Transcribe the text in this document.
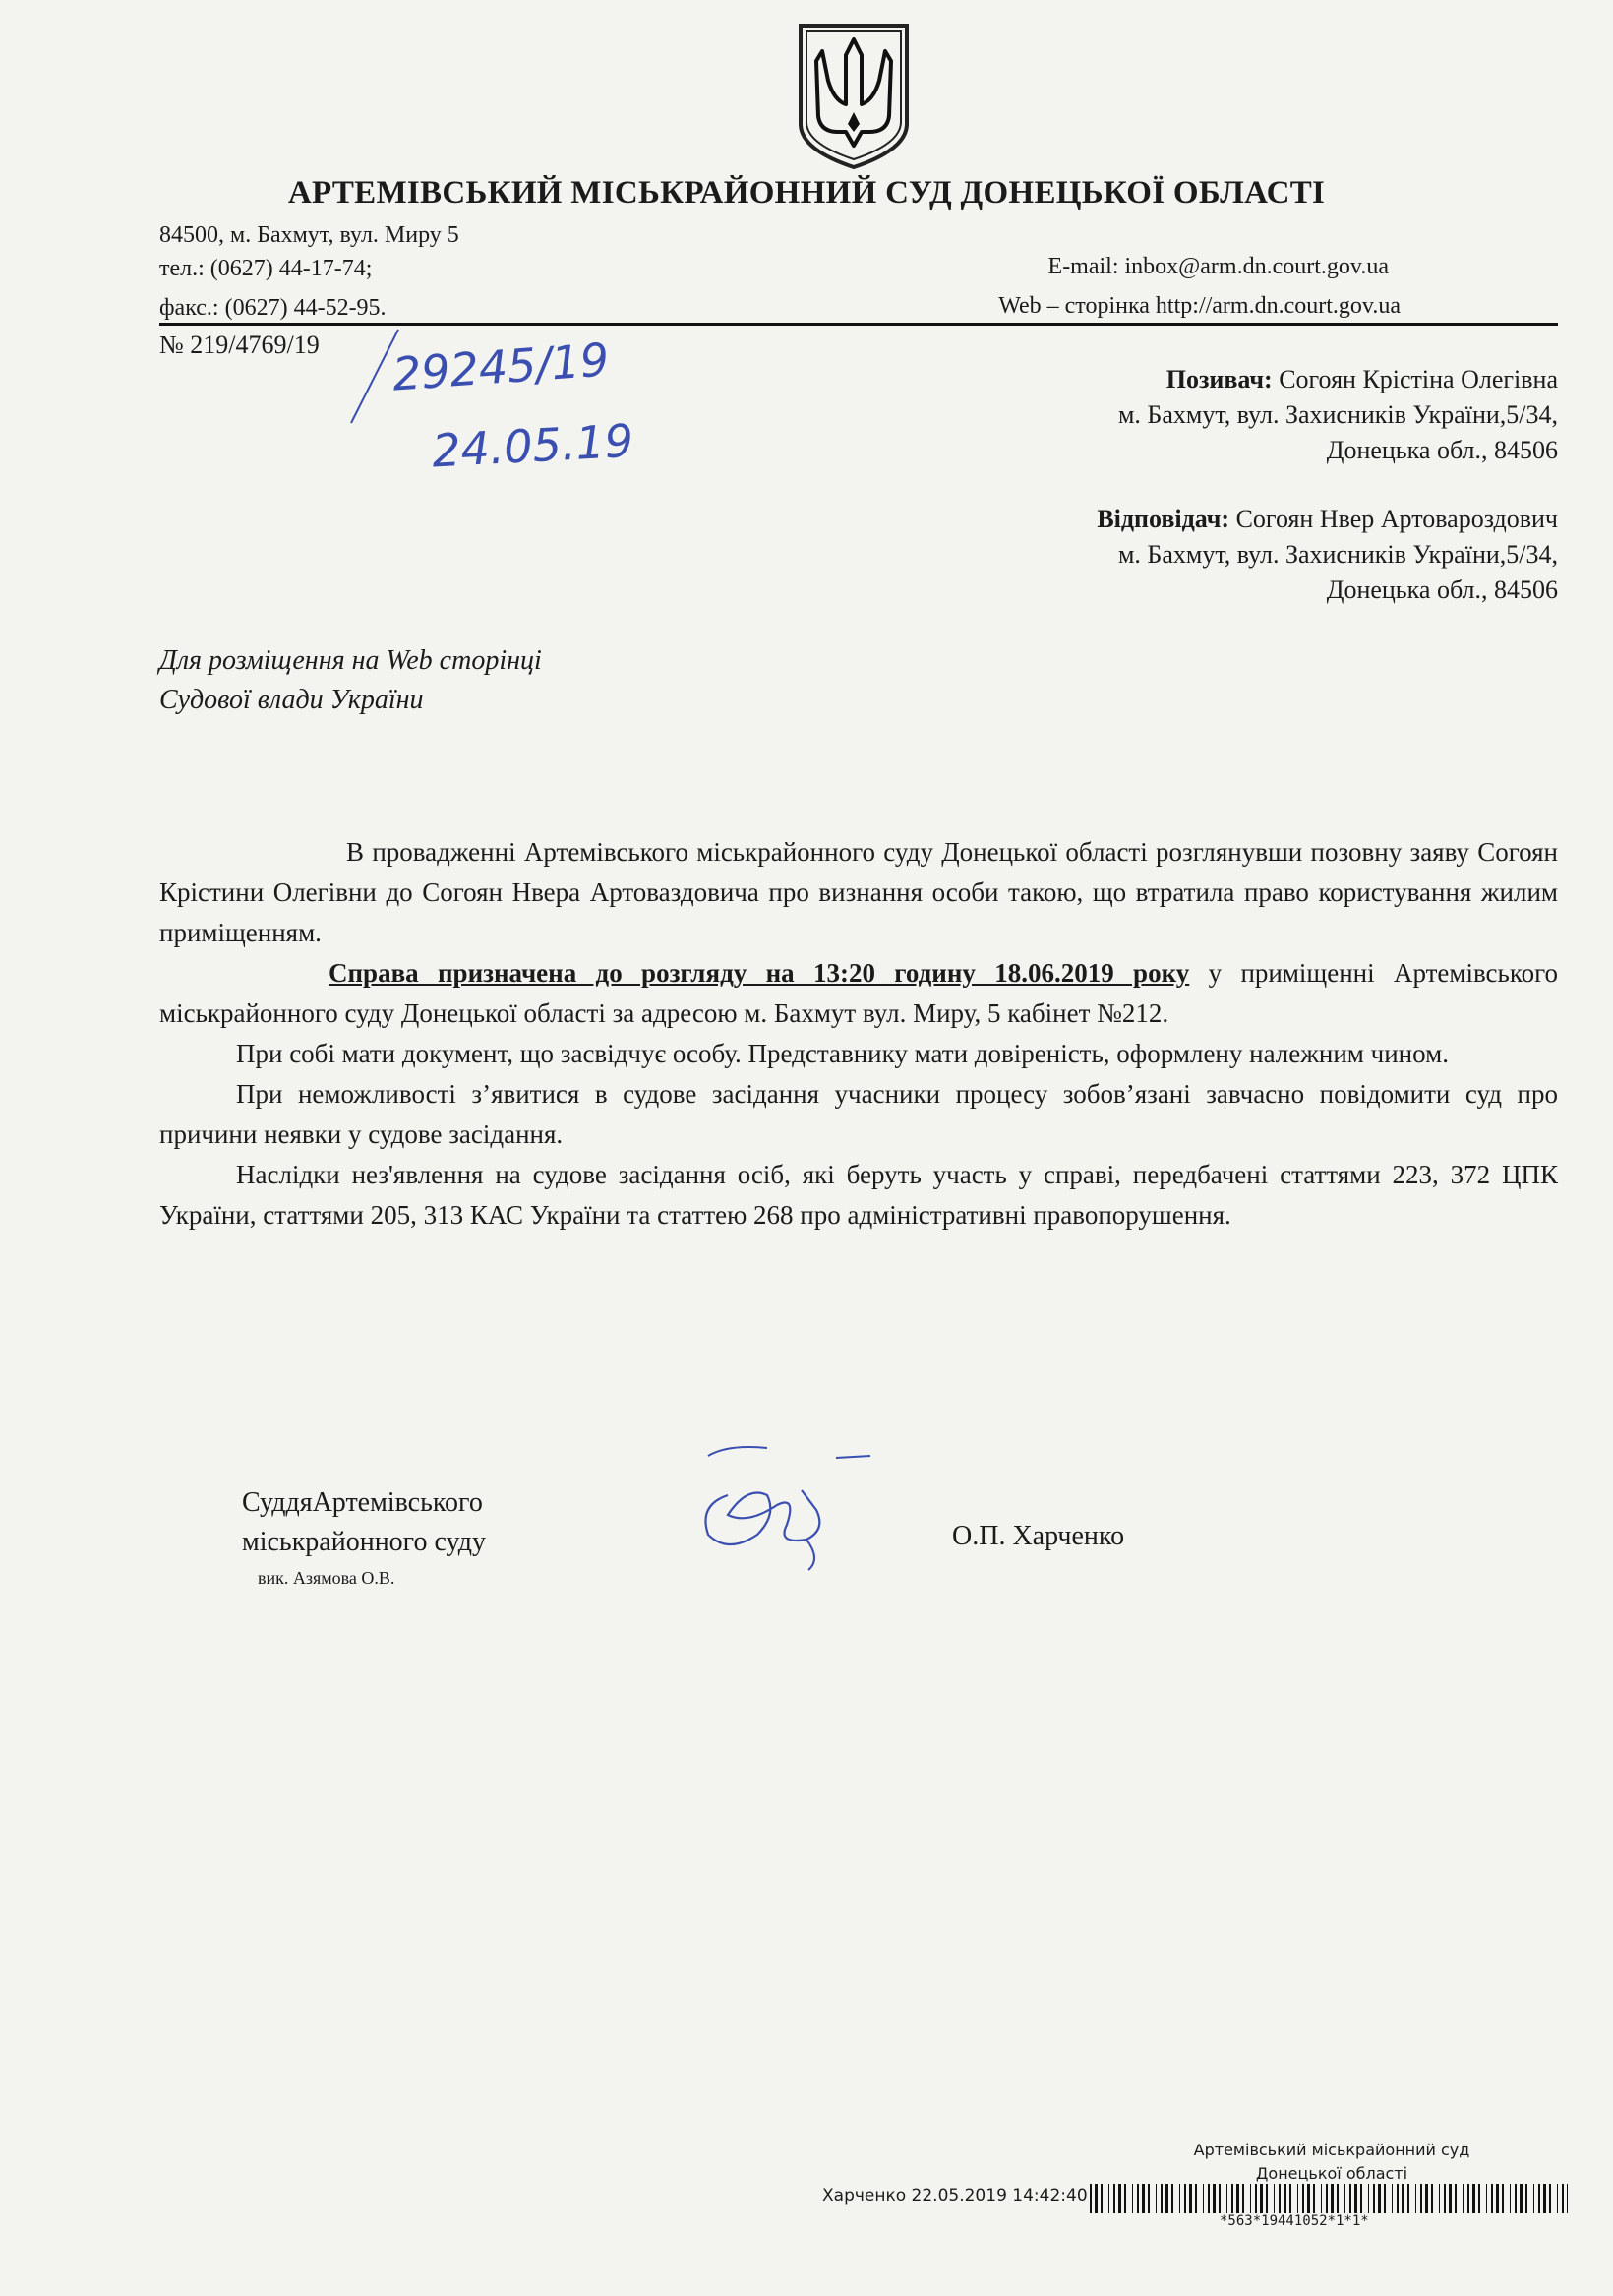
АРТЕМІВСЬКИЙ МІСЬКРАЙОННИЙ СУД ДОНЕЦЬКОЇ ОБЛАСТІ
84500, м. Бахмут, вул. Миру 5
тел.: (0627) 44-17-74;
факс.: (0627) 44-52-95.
E-mail: inbox@arm.dn.court.gov.ua
Web – сторінка http://arm.dn.court.gov.ua
№ 219/4769/19 29245/19
24.05.19
Позивач: Согоян Крістіна Олегівна
м. Бахмут, вул. Захисників України,5/34,
Донецька обл., 84506
Відповідач: Согоян Нвер Артовароздович
м. Бахмут, вул. Захисників України,5/34,
Донецька обл., 84506
Для розміщення на Web сторінці
Судової влади України

В провадженні Артемівського міськрайонного суду Донецької області розглянувши позовну заяву Согоян Крістини Олегівни до Согоян Нвера Артоваздовича про визнання особи такою, що втратила право користування жилим приміщенням.

Справа призначена до розгляду на 13:20 годину 18.06.2019 року у приміщенні Артемівського міськрайонного суду Донецької області за адресою м. Бахмут вул. Миру, 5 кабінет №212.

При собі мати документ, що засвідчує особу. Представнику мати довіреність, оформлену належним чином.

При неможливості з’явитися в судове засідання учасники процесу зобов’язані завчасно повідомити суд про причини неявки у судове засідання.

Наслідки нез'явлення на судове засідання осіб, які беруть участь у справі, передбачені статтями 223, 372 ЦПК України, статтями 205, 313 КАС України та статтею 268 про адміністративні правопорушення.

СуддяАртемівського
міськрайонного суду
вик. Азямова О.В.
О.П. Харченко
Артемівський міськрайонний суд
Донецької області
Харченко 22.05.2019 14:42:40
*563*19441052*1*1*
